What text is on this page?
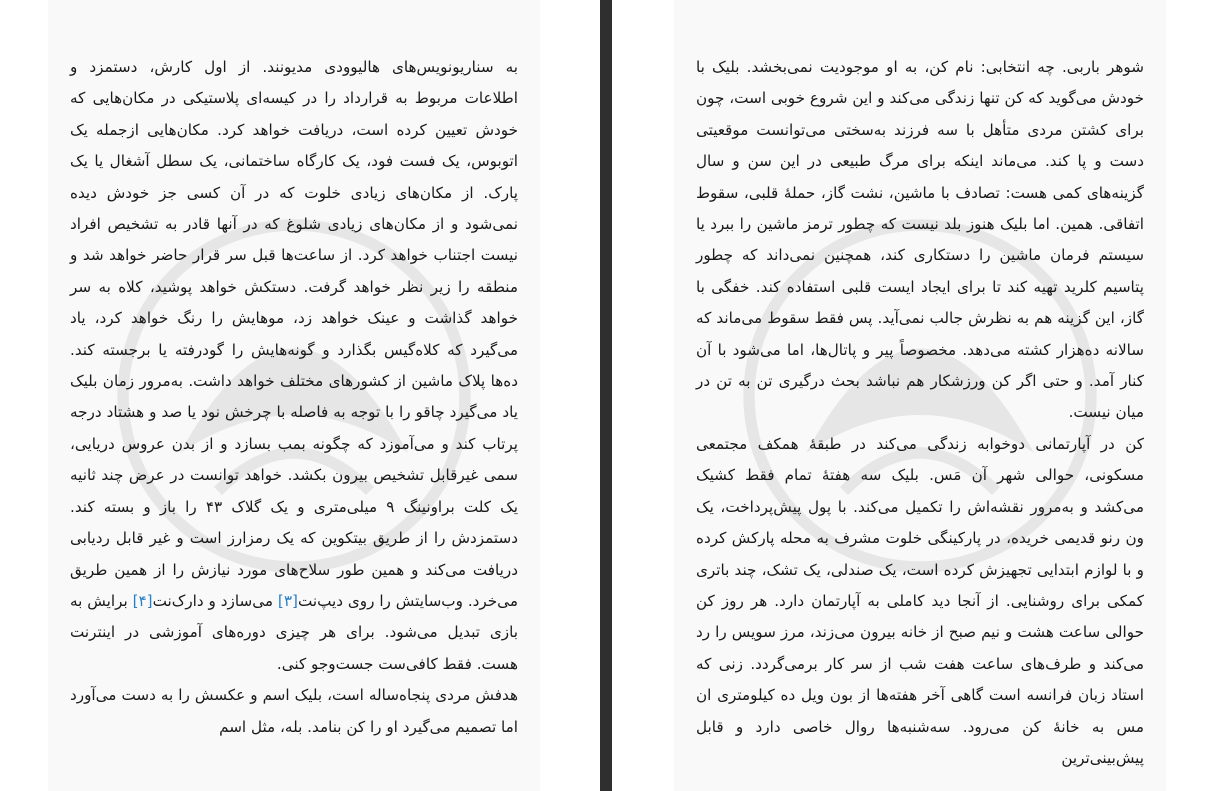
به سناریونویس‌های هالیوودی مدیونند. از اول کارش، دستمزد و اطلاعات مربوط به قرارداد را در کیسه‌ای پلاستیکی در مکان‌هایی که خودش تعیین کرده است، دریافت خواهد کرد. مکان‌هایی ازجمله یک اتوبوس، یک فست فود، یک کارگاه ساختمانی، یک سطل آشغال یا یک پارک. از مکان‌های زیادی خلوت که در آن کسی جز خودش دیده نمی‌شود و از مکان‌های زیادی شلوغ که در آنها قادر به تشخیص افراد نیست اجتناب خواهد کرد. از ساعت‌ها قبل سر قرار حاضر خواهد شد و منطقه را زیر نظر خواهد گرفت. دستکش خواهد پوشید، کلاه به سر خواهد گذاشت و عینک خواهد زد، موهایش را رنگ خواهد کرد، یاد می‌گیرد که کلاه‌گیس بگذارد و گونه‌هایش را گودرفته یا برجسته کند. ده‌ها پلاک ماشین از کشورهای مختلف خواهد داشت. به‌مرور زمان بلیک یاد می‌گیرد چاقو را با توجه به فاصله با چرخش نود یا صد و هشتاد درجه پرتاب کند و می‌آموزد که چگونه بمب بسازد و از بدن عروس دریایی، سمی غیرقابل تشخیص بیرون بکشد. خواهد توانست در عرض چند ثانیه یک کلت براونینگ ۹ میلی‌متری و یک گلاک ۴۳ را باز و بسته کند. دستمزدش را از طریق بیتکوین که یک رمزارز است و غیر قابل ردیابی دریافت می‌کند و همین طور سلاح‌های مورد نیازش را از همین طریق می‌خرد. وب‌سایتش را روی دیپ‌نت[۳] می‌سازد و دارک‌نت[۴] برایش به بازی تبدیل می‌شود. برای هر چیزی دوره‌های آموزشی در اینترنت هست. فقط کافی‌ست جست‌وجو کنی.

هدفش مردی پنجاه‌ساله است، بلیک اسم و عکسش را به دست می‌آورد اما تصمیم می‌گیرد او را کن بنامد. بله، مثل اسم

شوهر باربی. چه انتخابی: نام کن، به او موجودیت نمی‌بخشد. بلیک با خودش می‌گوید که کن تنها زندگی می‌کند و این شروع خوبی است، چون برای کشتن مردی متأهل با سه فرزند به‌سختی می‌توانست موقعیتی دست و پا کند. می‌ماند اینکه برای مرگ طبیعی در این سن و سال گزینه‌های کمی هست: تصادف با ماشین، نشت گاز، حملهٔ قلبی، سقوط اتفاقی. همین. اما بلیک هنوز بلد نیست که چطور ترمز ماشین را ببرد یا سیستم فرمان ماشین را دستکاری کند، همچنین نمی‌داند که چطور پتاسیم کلرید تهیه کند تا برای ایجاد ایست قلبی استفاده کند. خفگی با گاز، این گزینه هم به نظرش جالب نمی‌آید. پس فقط سقوط می‌ماند که سالانه ده‌هزار کشته می‌دهد. مخصوصاً پیر و پاتال‌ها، اما می‌شود با آن کنار آمد. و حتی اگر کن ورزشکار هم نباشد بحث درگیری تن به تن در میان نیست.

کن در آپارتمانی دوخوابه زندگی می‌کند در طبقهٔ همکف مجتمعی مسکونی، حوالی شهر آن مَس. بلیک سه هفتهٔ تمام فقط کشیک می‌کشد و به‌مرور نقشه‌اش را تکمیل می‌کند. با پول پیش‌پرداخت، یک ون رنو قدیمی خریده، در پارکینگی خلوت مشرف به محله پارکش کرده و با لوازم ابتدایی تجهیزش کرده است، یک صندلی، یک تشک، چند باتری کمکی برای روشنایی. از آنجا دید کاملی به آپارتمان دارد. هر روز کن حوالی ساعت هشت و نیم صبح از خانه بیرون می‌زند، مرز سویس را رد می‌کند و طرف‌های ساعت هفت شب از سر کار برمی‌گردد. زنی که استاد زبان فرانسه است گاهی آخر هفته‌ها از بون ویل ده کیلومتری ان مس به خانهٔ کن می‌رود. سه‌شنبه‌ها روال خاصی دارد و قابل پیش‌بینی‌ترین
